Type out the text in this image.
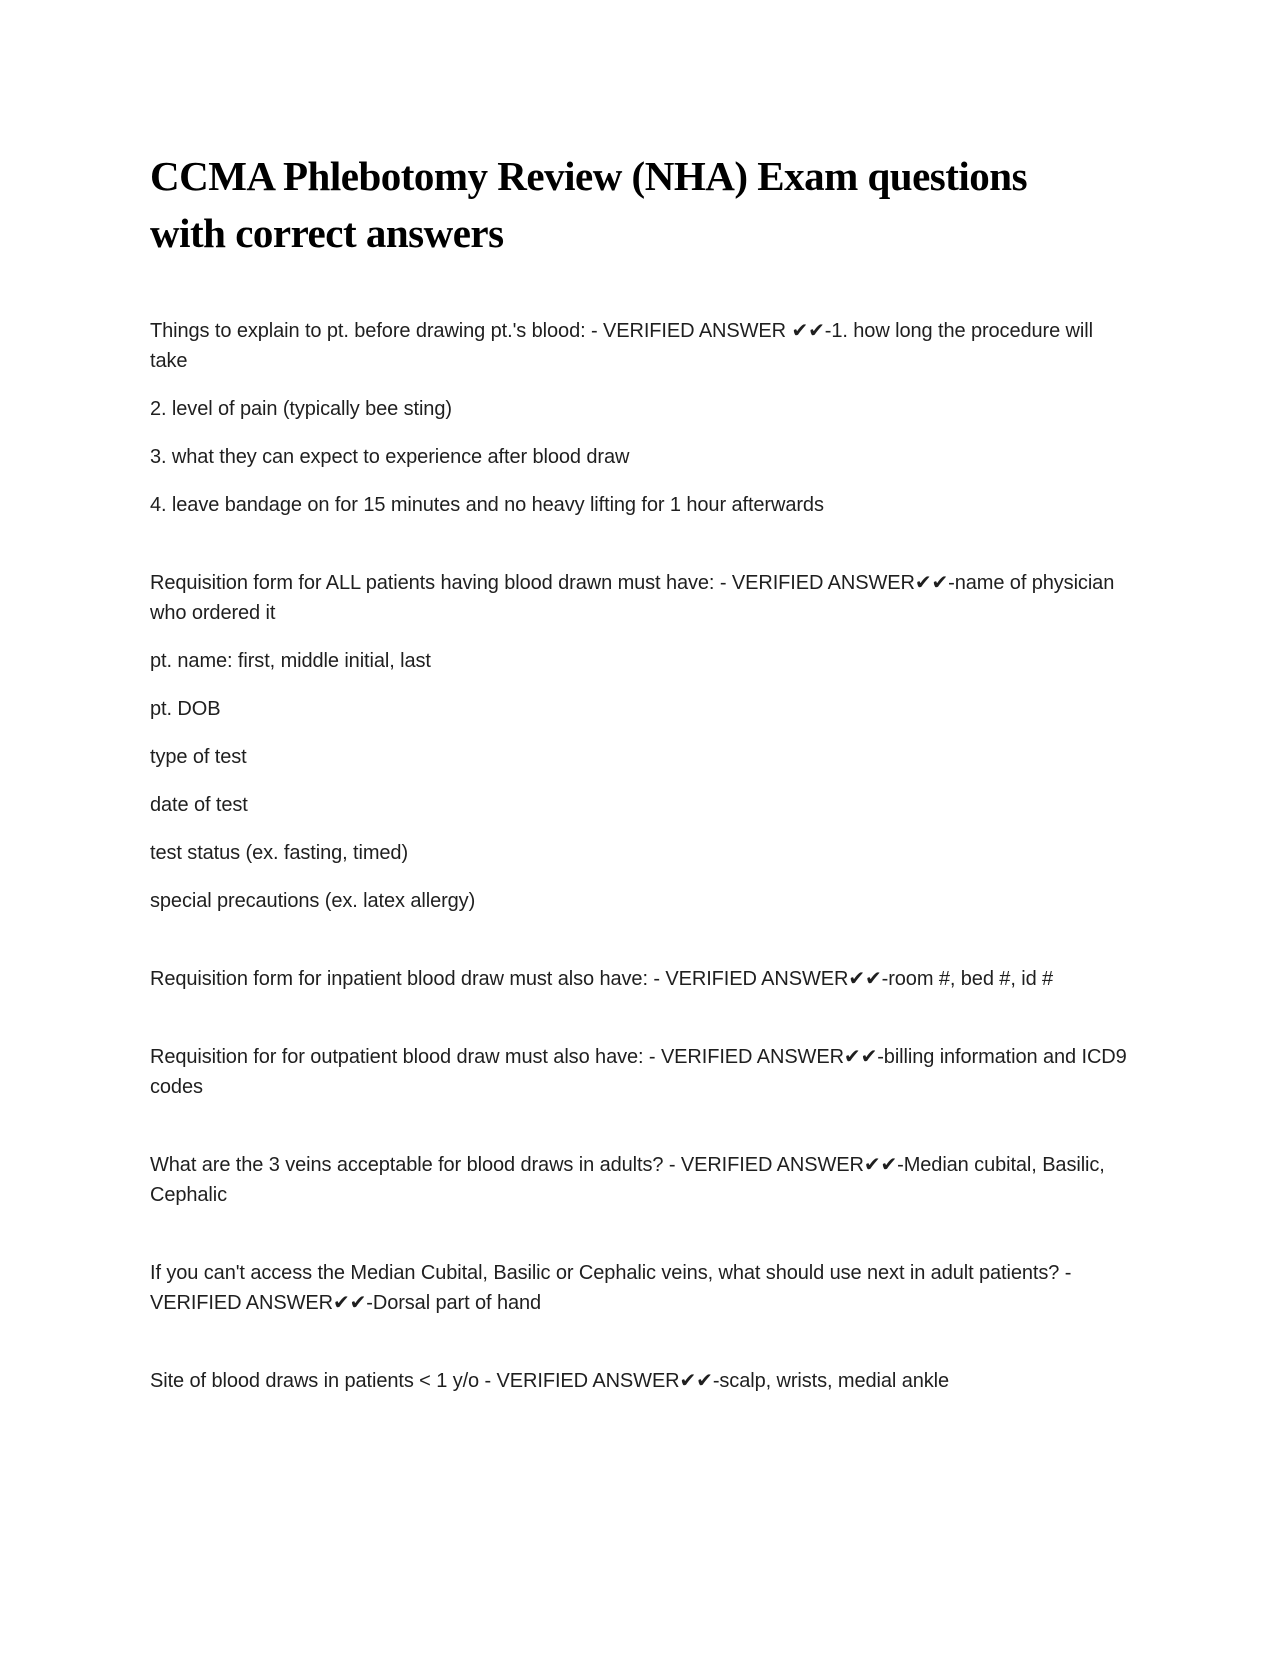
CCMA Phlebotomy Review (NHA) Exam questions with correct answers

Things to explain to pt. before drawing pt.'s blood: - VERIFIED ANSWER ✔✔-1. how long the procedure will take

2. level of pain (typically bee sting)

3. what they can expect to experience after blood draw

4. leave bandage on for 15 minutes and no heavy lifting for 1 hour afterwards

Requisition form for ALL patients having blood drawn must have: - VERIFIED ANSWER✔✔-name of physician who ordered it

pt. name: first, middle initial, last

pt. DOB

type of test

date of test

test status (ex. fasting, timed)

special precautions (ex. latex allergy)

Requisition form for inpatient blood draw must also have: - VERIFIED ANSWER✔✔-room #, bed #, id #

Requisition for for outpatient blood draw must also have: - VERIFIED ANSWER✔✔-billing information and ICD9 codes

What are the 3 veins acceptable for blood draws in adults? - VERIFIED ANSWER✔✔-Median cubital, Basilic, Cephalic

If you can't access the Median Cubital, Basilic or Cephalic veins, what should use next in adult patients? - VERIFIED ANSWER✔✔-Dorsal part of hand

Site of blood draws in patients < 1 y/o - VERIFIED ANSWER✔✔-scalp, wrists, medial ankle
